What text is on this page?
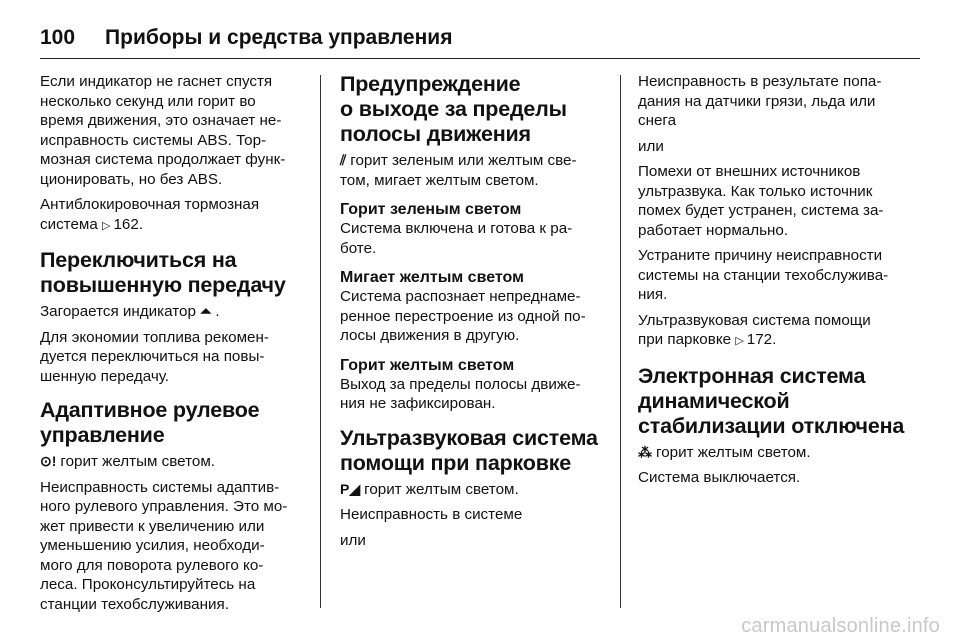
100 Приборы и средства управления

Если индикатор не гаснет спустя
несколько секунд или горит во
время движения, это означает не-
исправность системы ABS. Тор-
мозная система продолжает функ-
ционировать, но без ABS.

Антиблокировочная тормозная
система ▷ 162.

Переключиться на
повышенную передачу

Загорается индикатор ⏶ .

Для экономии топлива рекомен-
дуется переключиться на повы-
шенную передачу.

Адаптивное рулевое
управление

⊙! горит желтым светом.

Неисправность системы адаптив-
ного рулевого управления. Это мо-
жет привести к увеличению или
уменьшению усилия, необходи-
мого для поворота рулевого ко-
леса. Проконсультируйтесь на
станции техобслуживания.

Предупреждение
о выходе за пределы
полосы движения

⫽ горит зеленым или желтым све-
том, мигает желтым светом.

Горит зеленым светом

Система включена и готова к ра-
боте.

Мигает желтым светом

Система распознает непреднаме-
ренное перестроение из одной по-
лосы движения в другую.

Горит желтым светом

Выход за пределы полосы движе-
ния не зафиксирован.

Ультразвуковая система
помощи при парковке

P◢ горит желтым светом.

Неисправность в системе

или

Неисправность в результате попа-
дания на датчики грязи, льда или
снега

или

Помехи от внешних источников
ультразвука. Как только источник
помех будет устранен, система за-
работает нормально.

Устраните причину неисправности
системы на станции техобслужива-
ния.

Ультразвуковая система помощи
при парковке ▷ 172.

Электронная система
динамической
стабилизации отключена

⁂ горит желтым светом.

Система выключается.

carmanualsonline.info
